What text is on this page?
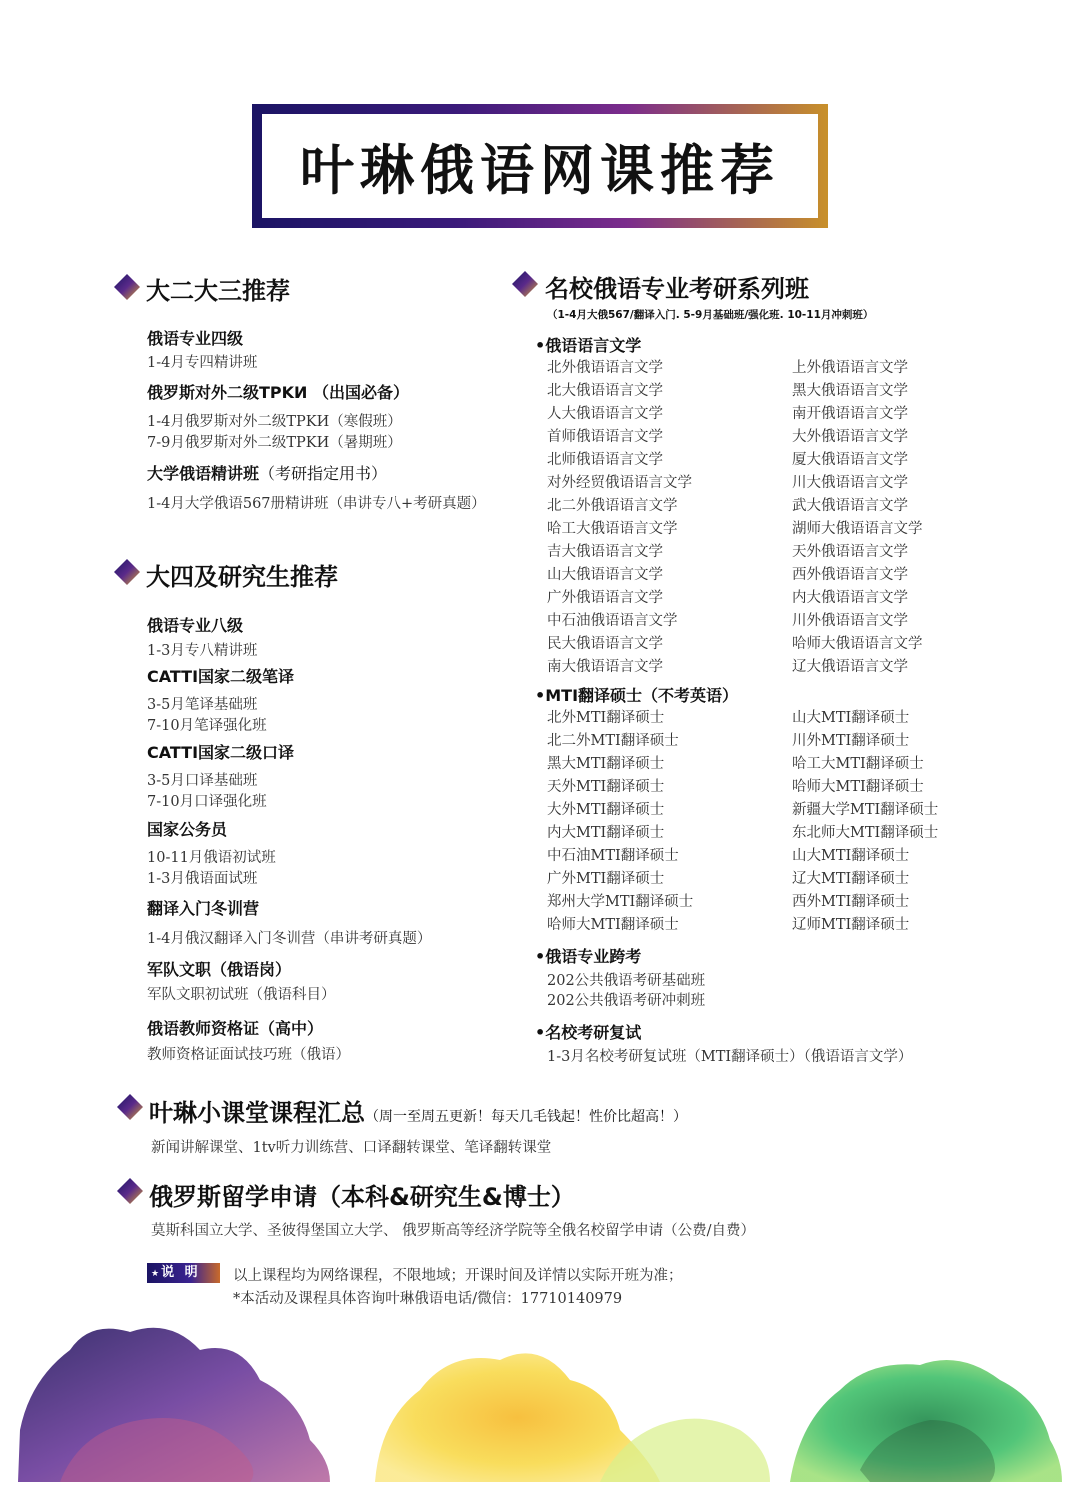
叶琳俄语网课推荐
大二大三推荐
俄语专业四级
1-4月专四精讲班
俄罗斯对外二级TPKИ （出国必备）
1-4月俄罗斯对外二级TPKИ（寒假班）
7-9月俄罗斯对外二级TPKИ（暑期班）
大学俄语精讲班（考研指定用书）
1-4月大学俄语567册精讲班（串讲专八+考研真题）
大四及研究生推荐
俄语专业八级
1-3月专八精讲班
CATTI国家二级笔译
3-5月笔译基础班
7-10月笔译强化班
CATTI国家二级口译
3-5月口译基础班
7-10月口译强化班
国家公务员
10-11月俄语初试班
1-3月俄语面试班
翻译入门冬训营
1-4月俄汉翻译入门冬训营（串讲考研真题）
军队文职（俄语岗）
军队文职初试班（俄语科目）
俄语教师资格证（高中）
教师资格证面试技巧班（俄语）
名校俄语专业考研系列班
（1-4月大俄567/翻译入门. 5-9月基础班/强化班. 10-11月冲刺班）
•俄语语言文学
北外俄语语言文学
北大俄语语言文学
人大俄语语言文学
首师俄语语言文学
北师俄语语言文学
对外经贸俄语语言文学
北二外俄语语言文学
哈工大俄语语言文学
吉大俄语语言文学
山大俄语语言文学
广外俄语语言文学
中石油俄语语言文学
民大俄语语言文学
南大俄语语言文学
上外俄语语言文学
黑大俄语语言文学
南开俄语语言文学
大外俄语语言文学
厦大俄语语言文学
川大俄语语言文学
武大俄语语言文学
湖师大俄语语言文学
天外俄语语言文学
西外俄语语言文学
内大俄语语言文学
川外俄语语言文学
哈师大俄语语言文学
辽大俄语语言文学
•MTI翻译硕士（不考英语）
北外MTI翻译硕士
北二外MTI翻译硕士
黑大MTI翻译硕士
天外MTI翻译硕士
大外MTI翻译硕士
内大MTI翻译硕士
中石油MTI翻译硕士
广外MTI翻译硕士
郑州大学MTI翻译硕士
哈师大MTI翻译硕士
山大MTI翻译硕士
川外MTI翻译硕士
哈工大MTI翻译硕士
哈师大MTI翻译硕士
新疆大学MTI翻译硕士
东北师大MTI翻译硕士
山大MTI翻译硕士
辽大MTI翻译硕士
西外MTI翻译硕士
辽师MTI翻译硕士
•俄语专业跨考
202公共俄语考研基础班
202公共俄语考研冲刺班
•名校考研复试
1-3月名校考研复试班（MTI翻译硕士）（俄语语言文学）
叶琳小课堂课程汇总（周一至周五更新！每天几毛钱起！性价比超高！）
新闻讲解课堂、1tv听力训练营、口译翻转课堂、笔译翻转课堂
俄罗斯留学申请（本科&研究生&博士）
莫斯科国立大学、圣彼得堡国立大学、 俄罗斯高等经济学院等全俄名校留学申请（公费/自费）
★ 说 明	以上课程均为网络课程，不限地域；开课时间及详情以实际开班为准；
*本活动及课程具体咨询叶琳俄语电话/微信：17710140979
